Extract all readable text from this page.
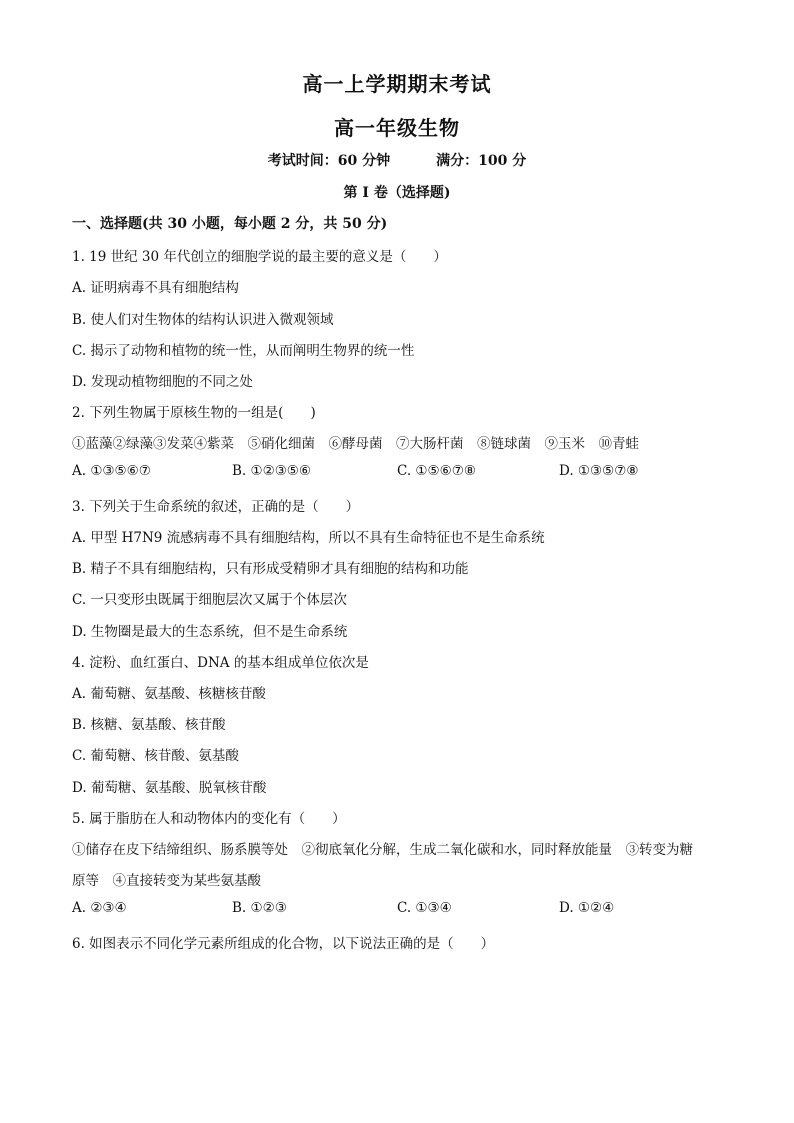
高一上学期期末考试
高一年级生物
考试时间：60 分钟	满分：100 分
第 I 卷（选择题)
一、选择题(共 30 小题，每小题 2 分，共 50 分)
1. 19 世纪 30 年代创立的细胞学说的最主要的意义是（　　）
A. 证明病毒不具有细胞结构
B. 使人们对生物体的结构认识进入微观领域
C. 揭示了动物和植物的统一性，从而阐明生物界的统一性
D. 发现动植物细胞的不同之处
2. 下列生物属于原核生物的一组是(　　)
①蓝藻②绿藻③发菜④紫菜　⑤硝化细菌　⑥酵母菌　⑦大肠杆菌　⑧链球菌　⑨玉米　⑩青蛙
A. ①③⑤⑥⑦	B. ①②③⑤⑥	C. ①⑤⑥⑦⑧	D. ①③⑤⑦⑧
3. 下列关于生命系统的叙述，正确的是（　　）
A. 甲型 H7N9 流感病毒不具有细胞结构，所以不具有生命特征也不是生命系统
B. 精子不具有细胞结构，只有形成受精卵才具有细胞的结构和功能
C. 一只变形虫既属于细胞层次又属于个体层次
D. 生物圈是最大的生态系统，但不是生命系统
4. 淀粉、血红蛋白、DNA 的基本组成单位依次是
A. 葡萄糖、氨基酸、核糖核苷酸
B. 核糖、氨基酸、核苷酸
C. 葡萄糖、核苷酸、氨基酸
D. 葡萄糖、氨基酸、脱氧核苷酸
5. 属于脂肪在人和动物体内的变化有（　　）
①储存在皮下结缔组织、肠系膜等处　②彻底氧化分解，生成二氧化碳和水，同时释放能量　③转变为糖
原等　④直接转变为某些氨基酸
A. ②③④	B. ①②③	C. ①③④	D. ①②④
6. 如图表示不同化学元素所组成的化合物，以下说法正确的是（　　）
